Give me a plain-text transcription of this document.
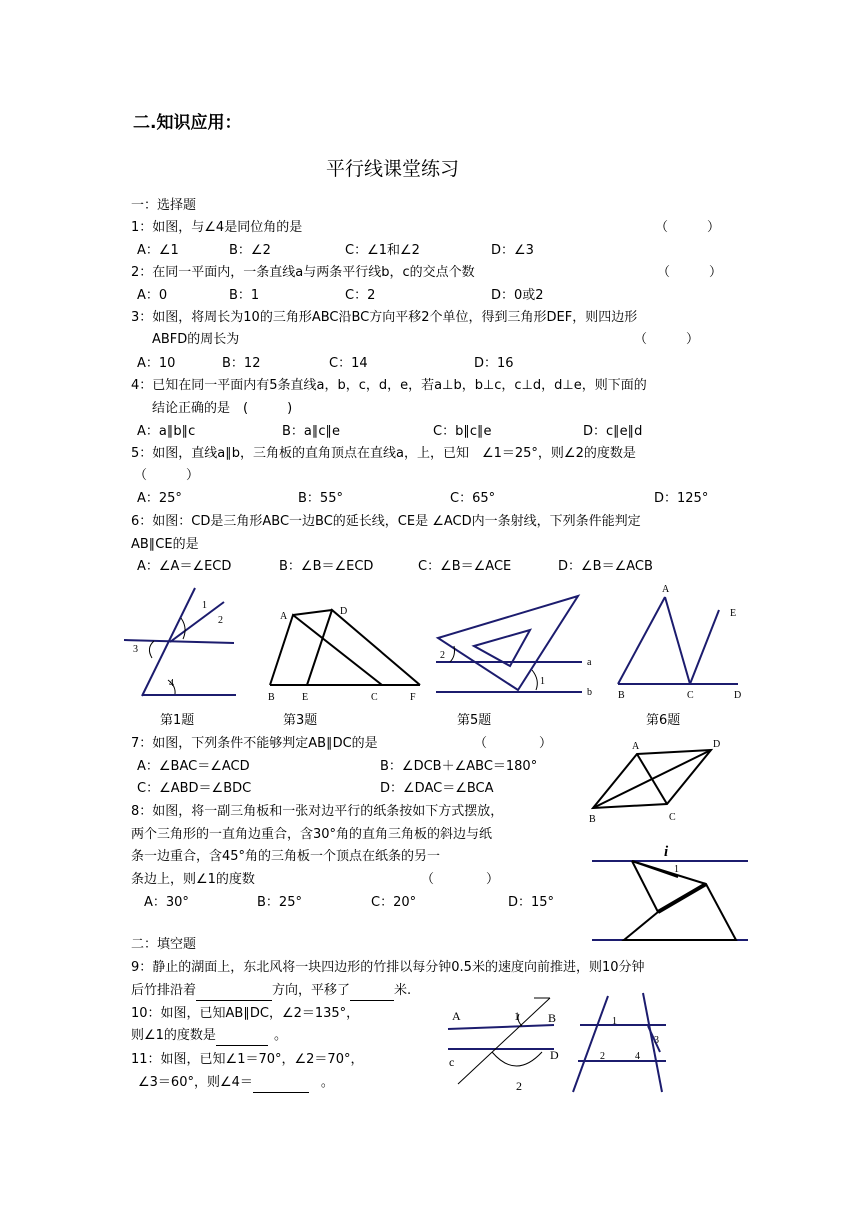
二.知识应用：
平行线课堂练习
一：选择题
1：如图，与∠4是同位角的是	（　　　）
A：∠1	B：∠2	C：∠1和∠2	D：∠3
2：在同一平面内，一条直线a与两条平行线b，c的交点个数	（　　　）
A：0	B：1	C：2	D：0或2
3：如图，将周长为10的三角形ABC沿BC方向平移2个单位，得到三角形DEF，则四边形
ABFD的周长为	（　　　）
A：10	B：12	C：14	D：16
4：已知在同一平面内有5条直线a，b，c，d，e，若a⊥b，b⊥c，c⊥d，d⊥e，则下面的
结论正确的是　(　　　)
A：a∥b∥c	B：a∥c∥e	C：b∥c∥e	D：c∥e∥d
5：如图，直线a∥b，三角板的直角顶点在直线a，上，已知　∠1＝25°，则∠2的度数是
（　　　）
A：25°	B：55°	C：65°	D：125°
6：如图：CD是三角形ABC一边BC的延长线，CE是 ∠ACD内一条射线，下列条件能判定
AB∥CE的是
A：∠A＝∠ECD	B：∠B＝∠ECD	C：∠B＝∠ACE	D：∠B＝∠ACB
1
2
3
4
A	D
B	E	C	F
2
1
a
b
A
E
B	C	D
第1题	第3题	第5题	第6题
7：如图，下列条件不能够判定AB∥DC的是	（　　　　）
A：∠BAC＝∠ACD	B：∠DCB＋∠ABC＝180°
C：∠ABD＝∠BDC	D：∠DAC＝∠BCA
A	D
B	C
8：如图，将一副三角板和一张对边平行的纸条按如下方式摆放，
两个三角形的一直角边重合，含30°角的直角三角板的斜边与纸
条一边重合，含45°角的三角板一个顶点在纸条的另一
条边上，则∠1的度数	（　　　　）
A：30°	B：25°	C：20°	D：15°
i
1
二：填空题
9：静止的湖面上，东北风将一块四边形的竹排以每分钟0.5米的速度向前推进，则10分钟
后竹排沿着	方向，平移了	米.
10：如图，已知AB∥DC，∠2＝135°，
则∠1的度数是	。
11：如图，已知∠1＝70°，∠2＝70°，
∠3＝60°，则∠4＝	。
A	1 B
D
c
2
1
3
2	4
